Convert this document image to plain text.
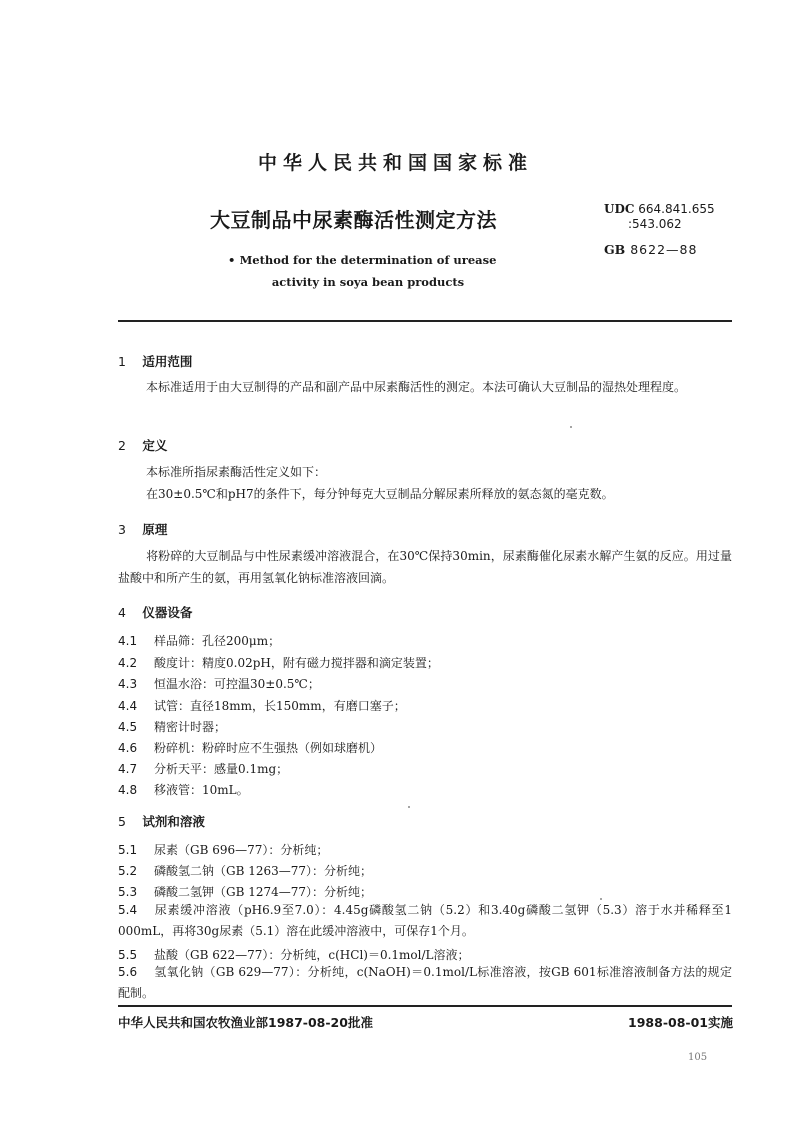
中华人民共和国国家标准
大豆制品中尿素酶活性测定方法
• Method for the determination of urease
activity in soya bean products
UDC 664.841.655
:543.062
GB 8622—88
1 适用范围
本标准适用于由大豆制得的产品和副产品中尿素酶活性的测定。本法可确认大豆制品的湿热处理程度。
2 定义
本标准所指尿素酶活性定义如下：
在30±0.5℃和pH7的条件下，每分钟每克大豆制品分解尿素所释放的氨态氮的毫克数。
3 原理
将粉碎的大豆制品与中性尿素缓冲溶液混合，在30℃保持30min，尿素酶催化尿素水解产生氨的反应。用过量盐酸中和所产生的氨，再用氢氧化钠标准溶液回滴。
4 仪器设备
4.1 样品筛：孔径200μm；
4.2 酸度计：精度0.02pH，附有磁力搅拌器和滴定装置；
4.3 恒温水浴：可控温30±0.5℃；
4.4 试管：直径18mm，长150mm，有磨口塞子；
4.5 精密计时器；
4.6 粉碎机：粉碎时应不生强热（例如球磨机）
4.7 分析天平：感量0.1mg；
4.8 移液管：10mL。
5 试剂和溶液
5.1 尿素（GB 696—77）：分析纯；
5.2 磷酸氢二钠（GB 1263—77）：分析纯；
5.3 磷酸二氢钾（GB 1274—77）：分析纯；
5.4 尿素缓冲溶液（pH6.9至7.0）：4.45g磷酸氢二钠（5.2）和3.40g磷酸二氢钾（5.3）溶于水并稀释至1 000mL，再将30g尿素（5.1）溶在此缓冲溶液中，可保存1个月。
5.5 盐酸（GB 622—77）：分析纯，c(HCl)＝0.1mol/L溶液；
5.6 氢氧化钠（GB 629—77）：分析纯，c(NaOH)＝0.1mol/L标准溶液，按GB 601标准溶液制备方法的规定配制。
中华人民共和国农牧渔业部1987-08-20批准	1988-08-01实施
105
